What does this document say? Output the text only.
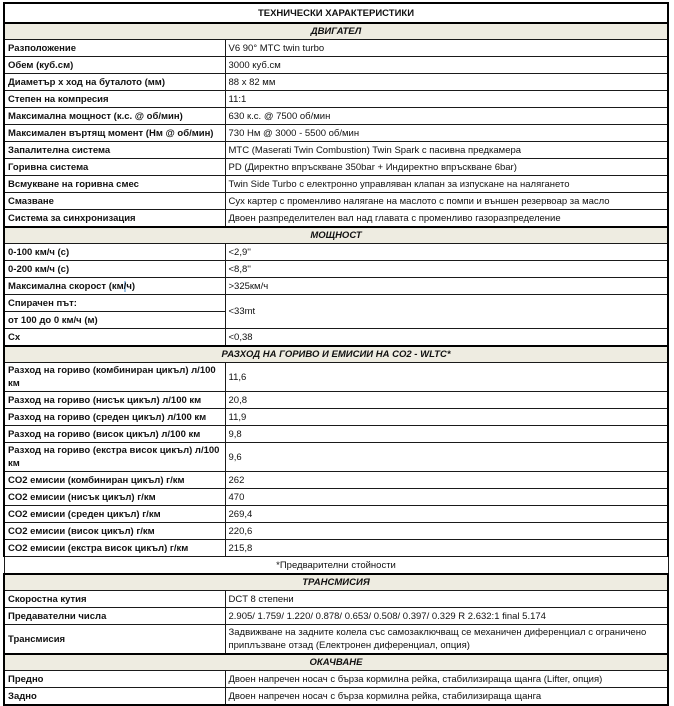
ТЕХНИЧЕСКИ ХАРАКТЕРИСТИКИ	
ДВИГАТЕЛ	
Разположение	V6 90° MTC twin turbo
Обем (куб.см)	3000 куб.см
Диаметър х ход на буталото (мм)	88 x 82 мм
Степен на компресия	11:1
Максимална мощност (к.с. @ об/мин)	630 к.с. @ 7500 об/мин
Максимален въртящ момент (Нм @ об/мин)	730 Нм @ 3000 - 5500 об/мин
Запалителна система	MTC (Maserati Twin Combustion) Twin Spark с пасивна предкамера
Горивна система	PD (Директно впръскване 350bar + Индиректно впръскване 6bar)
Всмукване на горивна смес	Twin Side Turbo с електронно управляван клапан за изпускане на налягането
Смазване	Сух картер с променливо налягане на маслото с помпи и външен резервоар за масло
Система за синхронизация	Двоен разпределителен вал над главата с променливо газоразпределение
МОЩНОСТ	
0-100 км/ч (с)	<2,9''
0-200 км/ч (с)	<8,8''
Максимална скорост (км/ч)	>325км/ч
Спирачен път:	<33mt
от 100 до 0 км/ч (м)	
Cx	<0,38
РАЗХОД НА ГОРИВО И ЕМИСИИ НА CO2 - WLTC*	
Разход на гориво (комбиниран цикъл) л/100 км	11,6
Разход на гориво (нисък цикъл) л/100 км	20,8
Разход на гориво (среден цикъл) л/100 км	11,9
Разход на гориво (висок цикъл) л/100 км	9,8
Разход на гориво (екстра висок цикъл) л/100 км	9,6
CO2 емисии (комбиниран цикъл) г/км	262
CO2 емисии (нисък цикъл) г/км	470
CO2 емисии (среден цикъл) г/км	269,4
CO2 емисии (висок цикъл) г/км	220,6
CO2 емисии (екстра висок цикъл) г/км	215,8
*Предварителни стойности	
ТРАНСМИСИЯ	
Скоростна кутия	DCT 8 степени
Предавателни числа	2.905/ 1.759/ 1.220/ 0.878/ 0.653/ 0.508/ 0.397/ 0.329 R 2.632:1 final 5.174
Трансмисия	Задвижване на задните колела със самозаключващ се механичен диференциал с ограничено приплъзване отзад (Електронен диференциал, опция)
ОКАЧВАНЕ	
Предно	Двоен напречен носач с бърза кормилна рейка, стабилизираща щанга (Lifter, опция)
Задно	Двоен напречен носач с бърза кормилна рейка, стабилизираща щанга
